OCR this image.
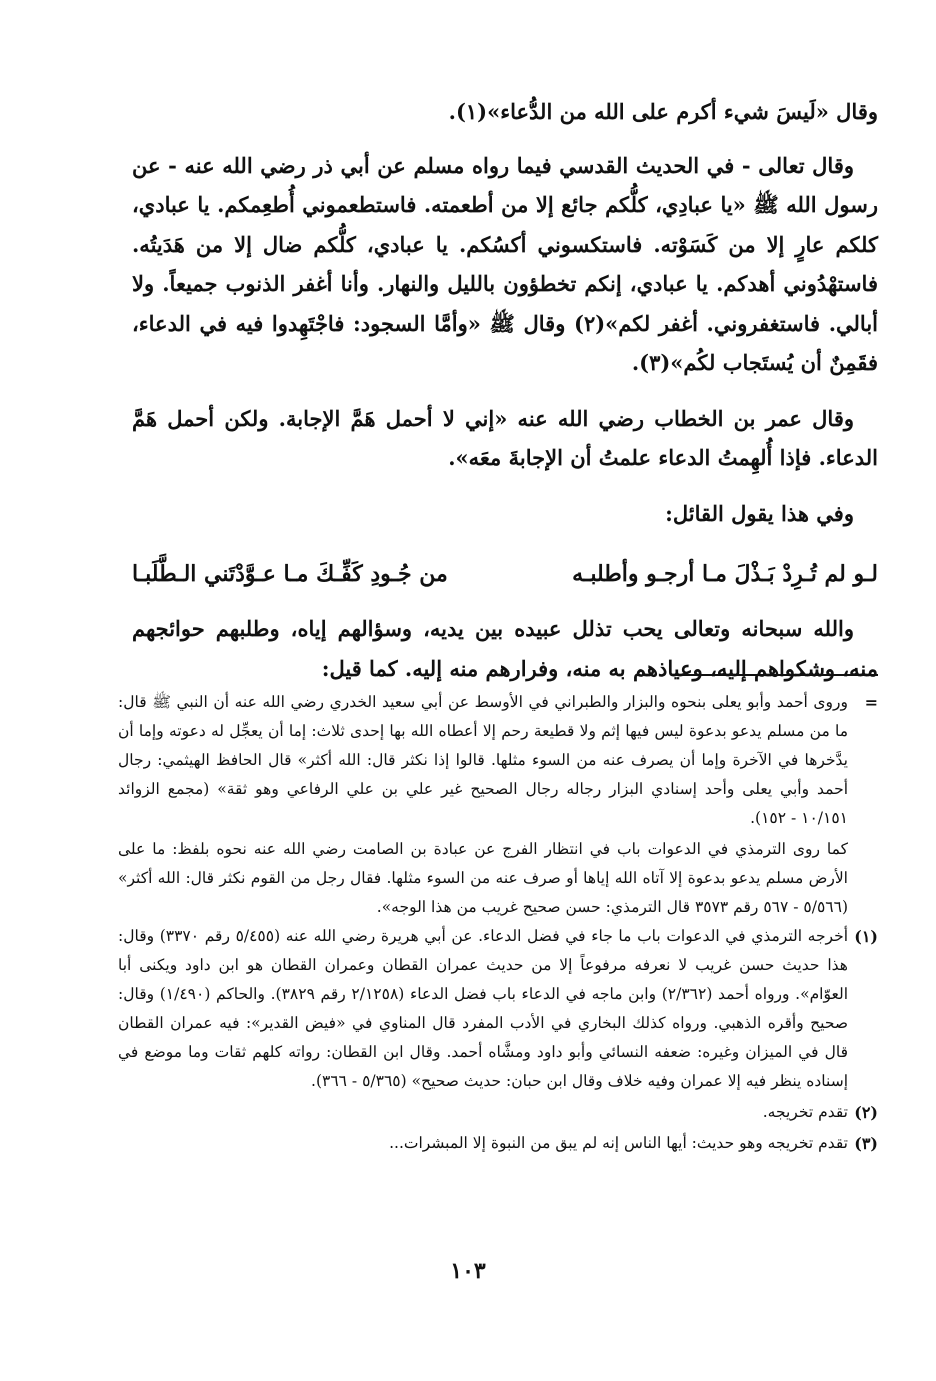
وقال «لَيسَ شيء أكرم على الله من الدُّعاء»(١).

وقال تعالى - في الحديث القدسي فيما رواه مسلم عن أبي ذر رضي الله عنه - عن رسول الله ﷺ «يا عبادِي، كلُّكم جائع إلا من أطعمته. فاستطعموني أُطعِمكم. يا عبادي، كلكم عارٍ إلا من كَسَوْته. فاستكسوني أكسُكم. يا عبادي، كلُّكم ضال إلا من هَدَيتُه. فاستهْدُوني أهدكم. يا عبادي، إنكم تخطؤون بالليل والنهار. وأنا أغفر الذنوب جميعاً. ولا أبالي. فاستغفروني. أغفر لكم»(٢) وقال ﷺ «وأمَّا السجود: فاجْتَهِدوا فيه في الدعاء، فقَمِنٌ أن يُستَجاب لكُم»(٣).

وقال عمر بن الخطاب رضي الله عنه «إني لا أحمل هَمَّ الإجابة. ولكن أحمل هَمَّ الدعاء. فإذا أُلهِمتُ الدعاء علمتُ أن الإجابةَ معَه».

وفي هذا يقول القائل:

لـو لم تُـرِدْ بَـذْلَ مـا أرجـو وأطلبـه
من جُـودِ كَفِّـكَ مـا عـوَّدْتَني الـطَّلَبـا

والله سبحانه وتعالى يحب تذلل عبيده بين يديه، وسؤالهم إياه، وطلبهم حوائجهم منه، وشكواهم إليه، وعياذهم به منه، وفرارهم منه إليه. كما قيل:

=
وروى أحمد وأبو يعلى بنحوه والبزار والطبراني في الأوسط عن أبي سعيد الخدري رضي الله عنه أن النبي ﷺ قال: ما من مسلم يدعو بدعوة ليس فيها إثم ولا قطيعة رحم إلا أعطاه الله بها إحدى ثلاث: إما أن يعجِّل له دعوته وإما أن يدَّخرها في الآخرة وإما أن يصرف عنه من السوء مثلها. قالوا إذا نكثر قال: الله أكثر» قال الحافظ الهيثمي: رجال أحمد وأبي يعلى وأحد إسنادي البزار رجاله رجال الصحيح غير علي بن علي الرفاعي وهو ثقة» (مجمع الزوائد ١٠/١٥١ - ١٥٢).

كما روى الترمذي في الدعوات باب في انتظار الفرج عن عبادة بن الصامت رضي الله عنه نحوه بلفظ: ما على الأرض مسلم يدعو بدعوة إلا آتاه الله إياها أو صرف عنه من السوء مثلها. فقال رجل من القوم نكثر قال: الله أكثر» (٥/٥٦٦ - ٥٦٧ رقم ٣٥٧٣ قال الترمذي: حسن صحيح غريب من هذا الوجه».

(١)
أخرجه الترمذي في الدعوات باب ما جاء في فضل الدعاء. عن أبي هريرة رضي الله عنه (٥/٤٥٥ رقم ٣٣٧٠) وقال: هذا حديث حسن غريب لا نعرفه مرفوعاً إلا من حديث عمران القطان وعمران القطان هو ابن داود ويكنى أبا العوّام». ورواه أحمد (٢/٣٦٢) وابن ماجه في الدعاء باب فضل الدعاء (٢/١٢٥٨ رقم ٣٨٢٩). والحاكم (١/٤٩٠) وقال: صحيح وأقره الذهبي. ورواه كذلك البخاري في الأدب المفرد قال المناوي في «فيض القدير»: فيه عمران القطان قال في الميزان وغيره: ضعفه النسائي وأبو داود ومشَّاه أحمد. وقال ابن القطان: رواته كلهم ثقات وما موضع في إسناده ينظر فيه إلا عمران وفيه خلاف وقال ابن حبان: حديث صحيح» (٥/٣٦٥ - ٣٦٦).
(٢)
تقدم تخريجه.
(٣)
تقدم تخريجه وهو حديث: أيها الناس إنه لم يبق من النبوة إلا المبشرات...
١٠٣
